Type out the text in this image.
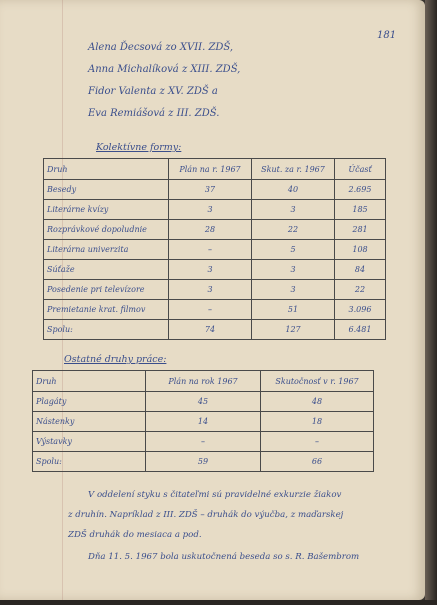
181
Alena Ďecsová zo XVII. ZDŠ,
Anna Michalíková z XIII. ZDŠ,
Fidor Valenta z XV. ZDŠ a
Eva Remiášová z III. ZDŠ.
Kolektívne formy:
Druh	Plán na r. 1967	Skut. za r. 1967	Účasť
Besedy	37	40	2.695
Literárne kvízy	3	3	185
Rozprávkové dopoludnie	28	22	281
Literárna univerzita	–	5	108
Súťaže	3	3	84
Posedenie pri televízore	3	3	22
Premietanie krat. filmov	–	51	3.096
Spolu:	74	127	6.481
Ostatné druhy práce:
Druh	Plán na rok 1967	Skutočnosť v r. 1967
Plagáty	45	48
Nástenky	14	18
Výstavky	–	–
Spolu:	59	66
V oddelení styku s čitateľmi sú pravidelné exkurzie žiakov
z druhín. Napríklad z III. ZDŠ – druhák do výučba, z maďarskej
ZDŠ druhák do mesiaca a pod.
Dňa 11. 5. 1967 bola uskutočnená beseda so s. R. Bašembrom
